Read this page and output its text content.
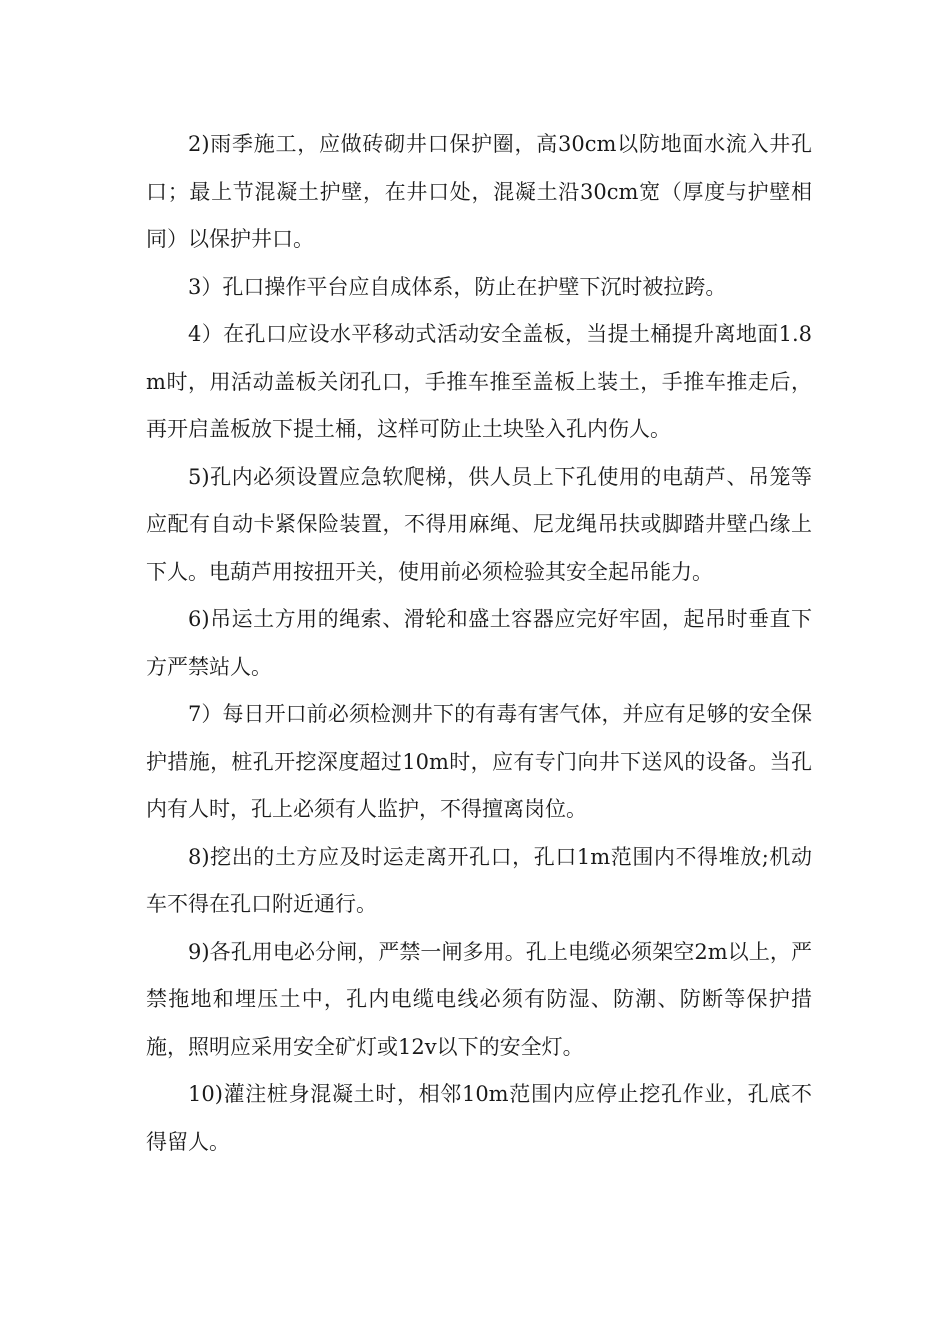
2)雨季施工，应做砖砌井口保护圈，高30cm以防地面水流入井孔口；最上节混凝土护壁，在井口处，混凝土沿30cm宽（厚度与护壁相同）以保护井口。

3）孔口操作平台应自成体系，防止在护壁下沉时被拉跨。

4）在孔口应设水平移动式活动安全盖板，当提土桶提升离地面1.8m时，用活动盖板关闭孔口，手推车推至盖板上装土，手推车推走后，再开启盖板放下提土桶，这样可防止土块坠入孔内伤人。

5)孔内必须设置应急软爬梯，供人员上下孔使用的电葫芦、吊笼等应配有自动卡紧保险装置，不得用麻绳、尼龙绳吊扶或脚踏井壁凸缘上下人。电葫芦用按扭开关，使用前必须检验其安全起吊能力。

6)吊运土方用的绳索、滑轮和盛土容器应完好牢固，起吊时垂直下方严禁站人。

7）每日开口前必须检测井下的有毒有害气体，并应有足够的安全保护措施，桩孔开挖深度超过10m时，应有专门向井下送风的设备。当孔内有人时，孔上必须有人监护，不得擅离岗位。

8)挖出的土方应及时运走离开孔口，孔口1m范围内不得堆放;机动车不得在孔口附近通行。

9)各孔用电必分闸，严禁一闸多用。孔上电缆必须架空2m以上，严禁拖地和埋压土中，孔内电缆电线必须有防湿、防潮、防断等保护措施，照明应采用安全矿灯或12v以下的安全灯。

10)灌注桩身混凝土时，相邻10m范围内应停止挖孔作业，孔底不得留人。
